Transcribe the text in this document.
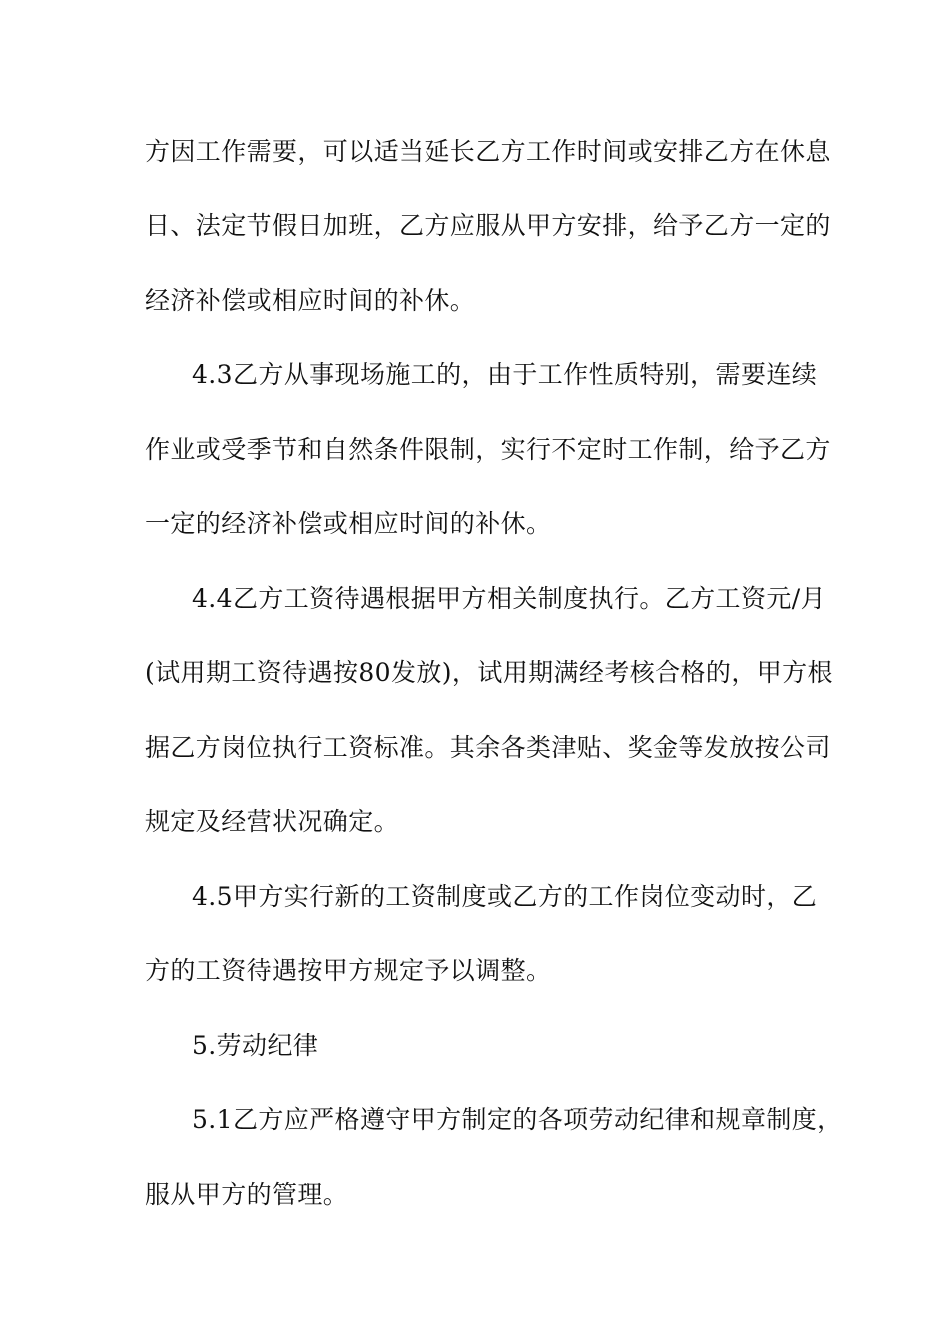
方因工作需要，可以适当延长乙方工作时间或安排乙方在休息
日、法定节假日加班，乙方应服从甲方安排，给予乙方一定的
经济补偿或相应时间的补休。
4.3乙方从事现场施工的，由于工作性质特别，需要连续
作业或受季节和自然条件限制，实行不定时工作制，给予乙方
一定的经济补偿或相应时间的补休。
4.4乙方工资待遇根据甲方相关制度执行。乙方工资元/月
(试用期工资待遇按80发放)，试用期满经考核合格的，甲方根
据乙方岗位执行工资标准。其余各类津贴、奖金等发放按公司
规定及经营状况确定。
4.5甲方实行新的工资制度或乙方的工作岗位变动时，乙
方的工资待遇按甲方规定予以调整。
5.劳动纪律
5.1乙方应严格遵守甲方制定的各项劳动纪律和规章制度，
服从甲方的管理。
